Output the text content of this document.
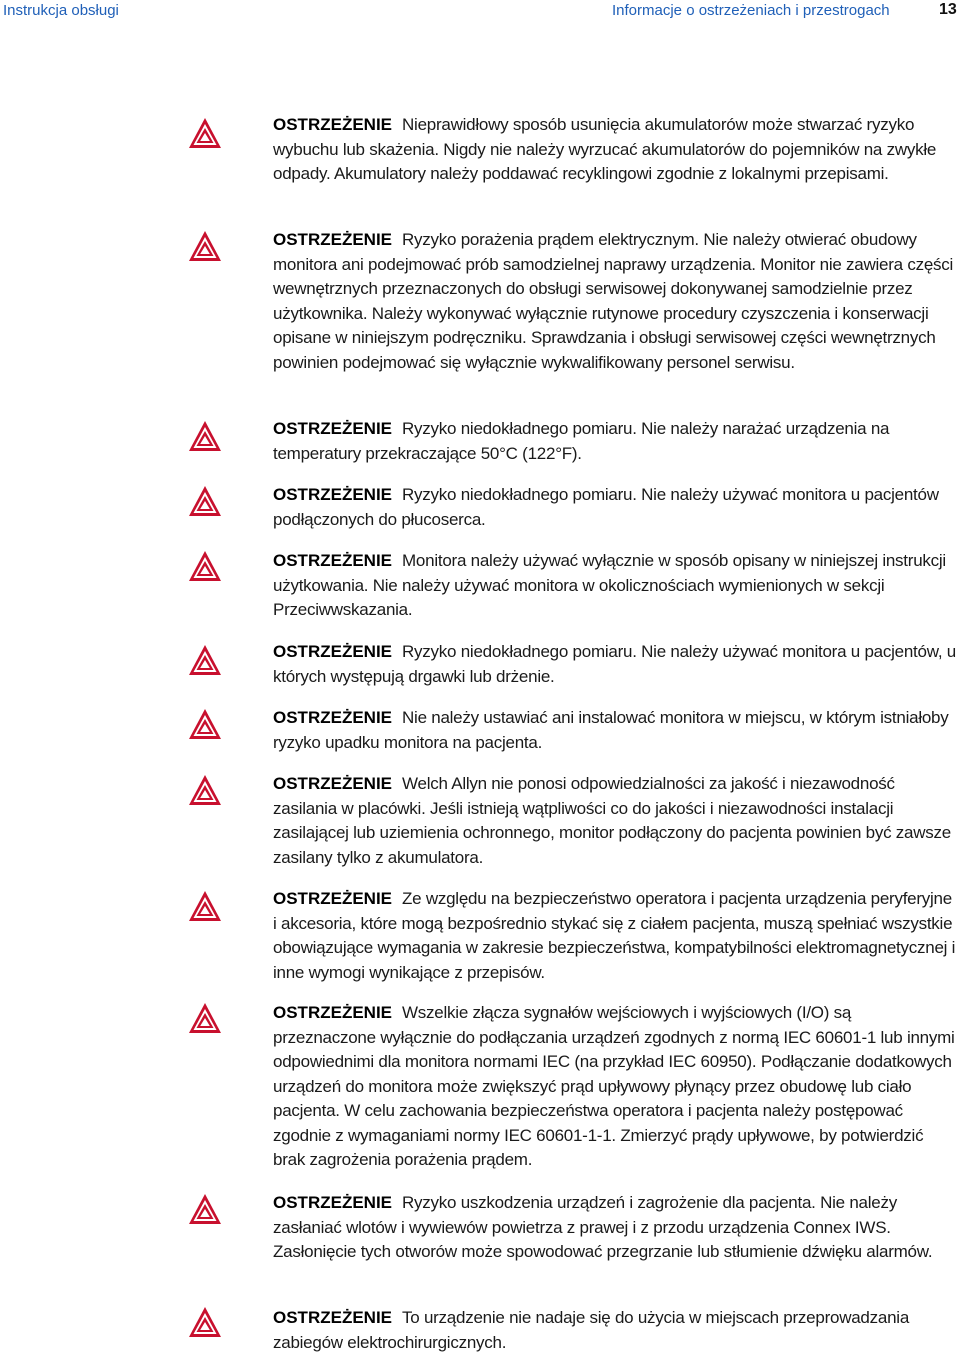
Instrukcja obsługi	Informacje o ostrzeżeniach i przestrogach	13
OSTRZEŻENIE Nieprawidłowy sposób usunięcia akumulatorów może stwarzać ryzyko wybuchu lub skażenia. Nigdy nie należy wyrzucać akumulatorów do pojemników na zwykłe odpady. Akumulatory należy poddawać recyklingowi zgodnie z lokalnymi przepisami.
OSTRZEŻENIE Ryzyko porażenia prądem elektrycznym. Nie należy otwierać obudowy monitora ani podejmować prób samodzielnej naprawy urządzenia. Monitor nie zawiera części wewnętrznych przeznaczonych do obsługi serwisowej dokonywanej samodzielnie przez użytkownika. Należy wykonywać wyłącznie rutynowe procedury czyszczenia i konserwacji opisane w niniejszym podręczniku. Sprawdzania i obsługi serwisowej części wewnętrznych powinien podejmować się wyłącznie wykwalifikowany personel serwisu.
OSTRZEŻENIE Ryzyko niedokładnego pomiaru. Nie należy narażać urządzenia na temperatury przekraczające 50°C (122°F).
OSTRZEŻENIE Ryzyko niedokładnego pomiaru. Nie należy używać monitora u pacjentów podłączonych do płucoserca.
OSTRZEŻENIE Monitora należy używać wyłącznie w sposób opisany w niniejszej instrukcji użytkowania. Nie należy używać monitora w okolicznościach wymienionych w sekcji Przeciwwskazania.
OSTRZEŻENIE Ryzyko niedokładnego pomiaru. Nie należy używać monitora u pacjentów, u których występują drgawki lub drżenie.
OSTRZEŻENIE Nie należy ustawiać ani instalować monitora w miejscu, w którym istniałoby ryzyko upadku monitora na pacjenta.
OSTRZEŻENIE Welch Allyn nie ponosi odpowiedzialności za jakość i niezawodność zasilania w placówki. Jeśli istnieją wątpliwości co do jakości i niezawodności instalacji zasilającej lub uziemienia ochronnego, monitor podłączony do pacjenta powinien być zawsze zasilany tylko z akumulatora.
OSTRZEŻENIE Ze względu na bezpieczeństwo operatora i pacjenta urządzenia peryferyjne i akcesoria, które mogą bezpośrednio stykać się z ciałem pacjenta, muszą spełniać wszystkie obowiązujące wymagania w zakresie bezpieczeństwa, kompatybilności elektromagnetycznej i inne wymogi wynikające z przepisów.
OSTRZEŻENIE Wszelkie złącza sygnałów wejściowych i wyjściowych (I/O) są przeznaczone wyłącznie do podłączania urządzeń zgodnych z normą IEC 60601-1 lub innymi odpowiednimi dla monitora normami IEC (na przykład IEC 60950). Podłączanie dodatkowych urządzeń do monitora może zwiększyć prąd upływowy płynący przez obudowę lub ciało pacjenta. W celu zachowania bezpieczeństwa operatora i pacjenta należy postępować zgodnie z wymaganiami normy IEC 60601-1-1. Zmierzyć prądy upływowe, by potwierdzić brak zagrożenia porażenia prądem.
OSTRZEŻENIE Ryzyko uszkodzenia urządzeń i zagrożenie dla pacjenta. Nie należy zasłaniać wlotów i wywiewów powietrza z prawej i z przodu urządzenia Connex IWS. Zasłonięcie tych otworów może spowodować przegrzanie lub stłumienie dźwięku alarmów.
OSTRZEŻENIE To urządzenie nie nadaje się do użycia w miejscach przeprowadzania zabiegów elektrochirurgicznych.
